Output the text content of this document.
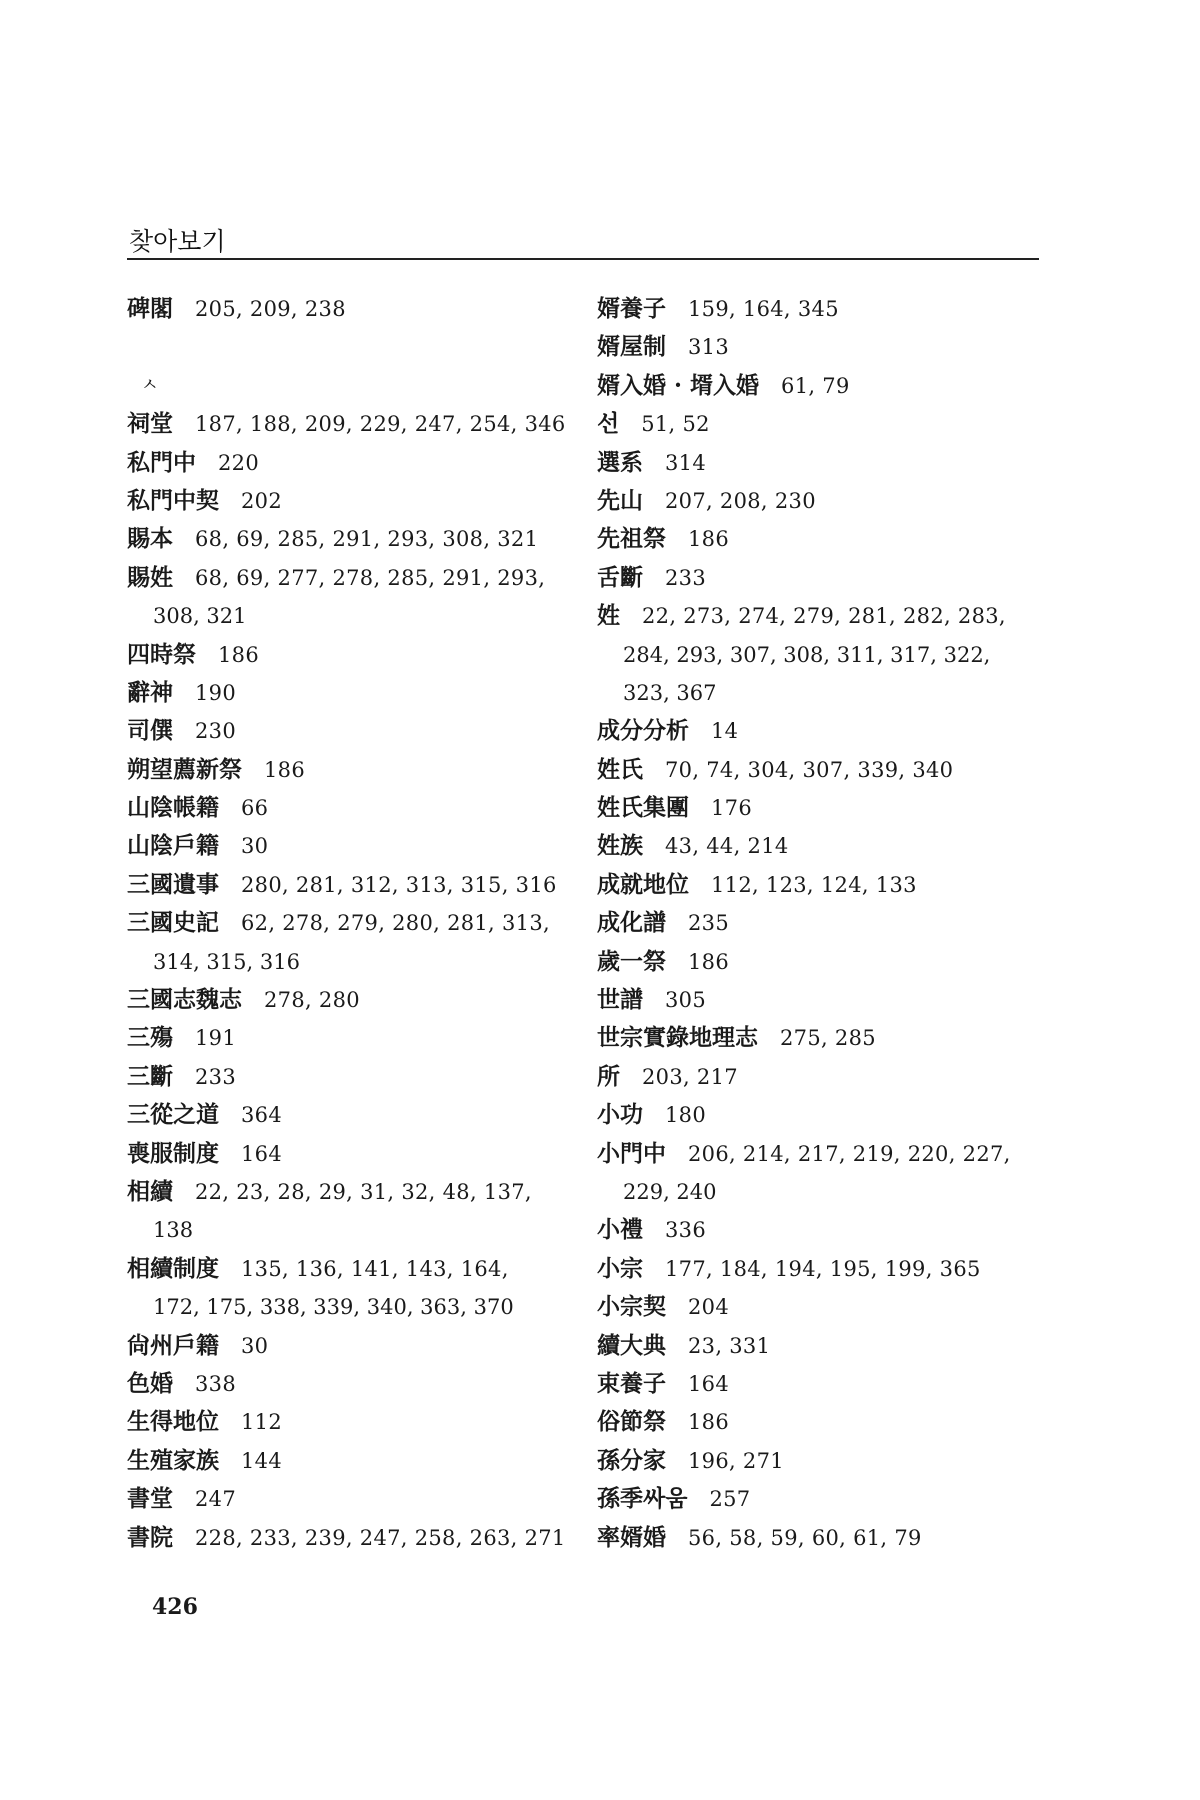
찾아보기
碑閣 205, 209, 238
ㅅ
祠堂 187, 188, 209, 229, 247, 254, 346
私門中 220
私門中契 202
賜本 68, 69, 285, 291, 293, 308, 321
賜姓 68, 69, 277, 278, 285, 291, 293,
308, 321
四時祭 186
辭神 190
司僎 230
朔望薦新祭 186
山陰帳籍 66
山陰戶籍 30
三國遺事 280, 281, 312, 313, 315, 316
三國史記 62, 278, 279, 280, 281, 313,
314, 315, 316
三國志魏志 278, 280
三殤 191
三斷 233
三從之道 364
喪服制度 164
相續 22, 23, 28, 29, 31, 32, 48, 137,
138
相續制度 135, 136, 141, 143, 164,
172, 175, 338, 339, 340, 363, 370
尙州戶籍 30
色婚 338
生得地位 112
生殖家族 144
書堂 247
書院 228, 233, 239, 247, 258, 263, 271
婿養子 159, 164, 345
婿屋制 313
婿入婚 · 壻入婚 61, 79
선 51, 52
選系 314
先山 207, 208, 230
先祖祭 186
舌斷 233
姓 22, 273, 274, 279, 281, 282, 283,
284, 293, 307, 308, 311, 317, 322,
323, 367
成分分析 14
姓氏 70, 74, 304, 307, 339, 340
姓氏集團 176
姓族 43, 44, 214
成就地位 112, 123, 124, 133
成化譜 235
歲一祭 186
世譜 305
世宗實錄地理志 275, 285
所 203, 217
小功 180
小門中 206, 214, 217, 219, 220, 227,
229, 240
小禮 336
小宗 177, 184, 194, 195, 199, 365
小宗契 204
續大典 23, 331
束養子 164
俗節祭 186
孫分家 196, 271
孫季싸움 257
率婿婚 56, 58, 59, 60, 61, 79
426
